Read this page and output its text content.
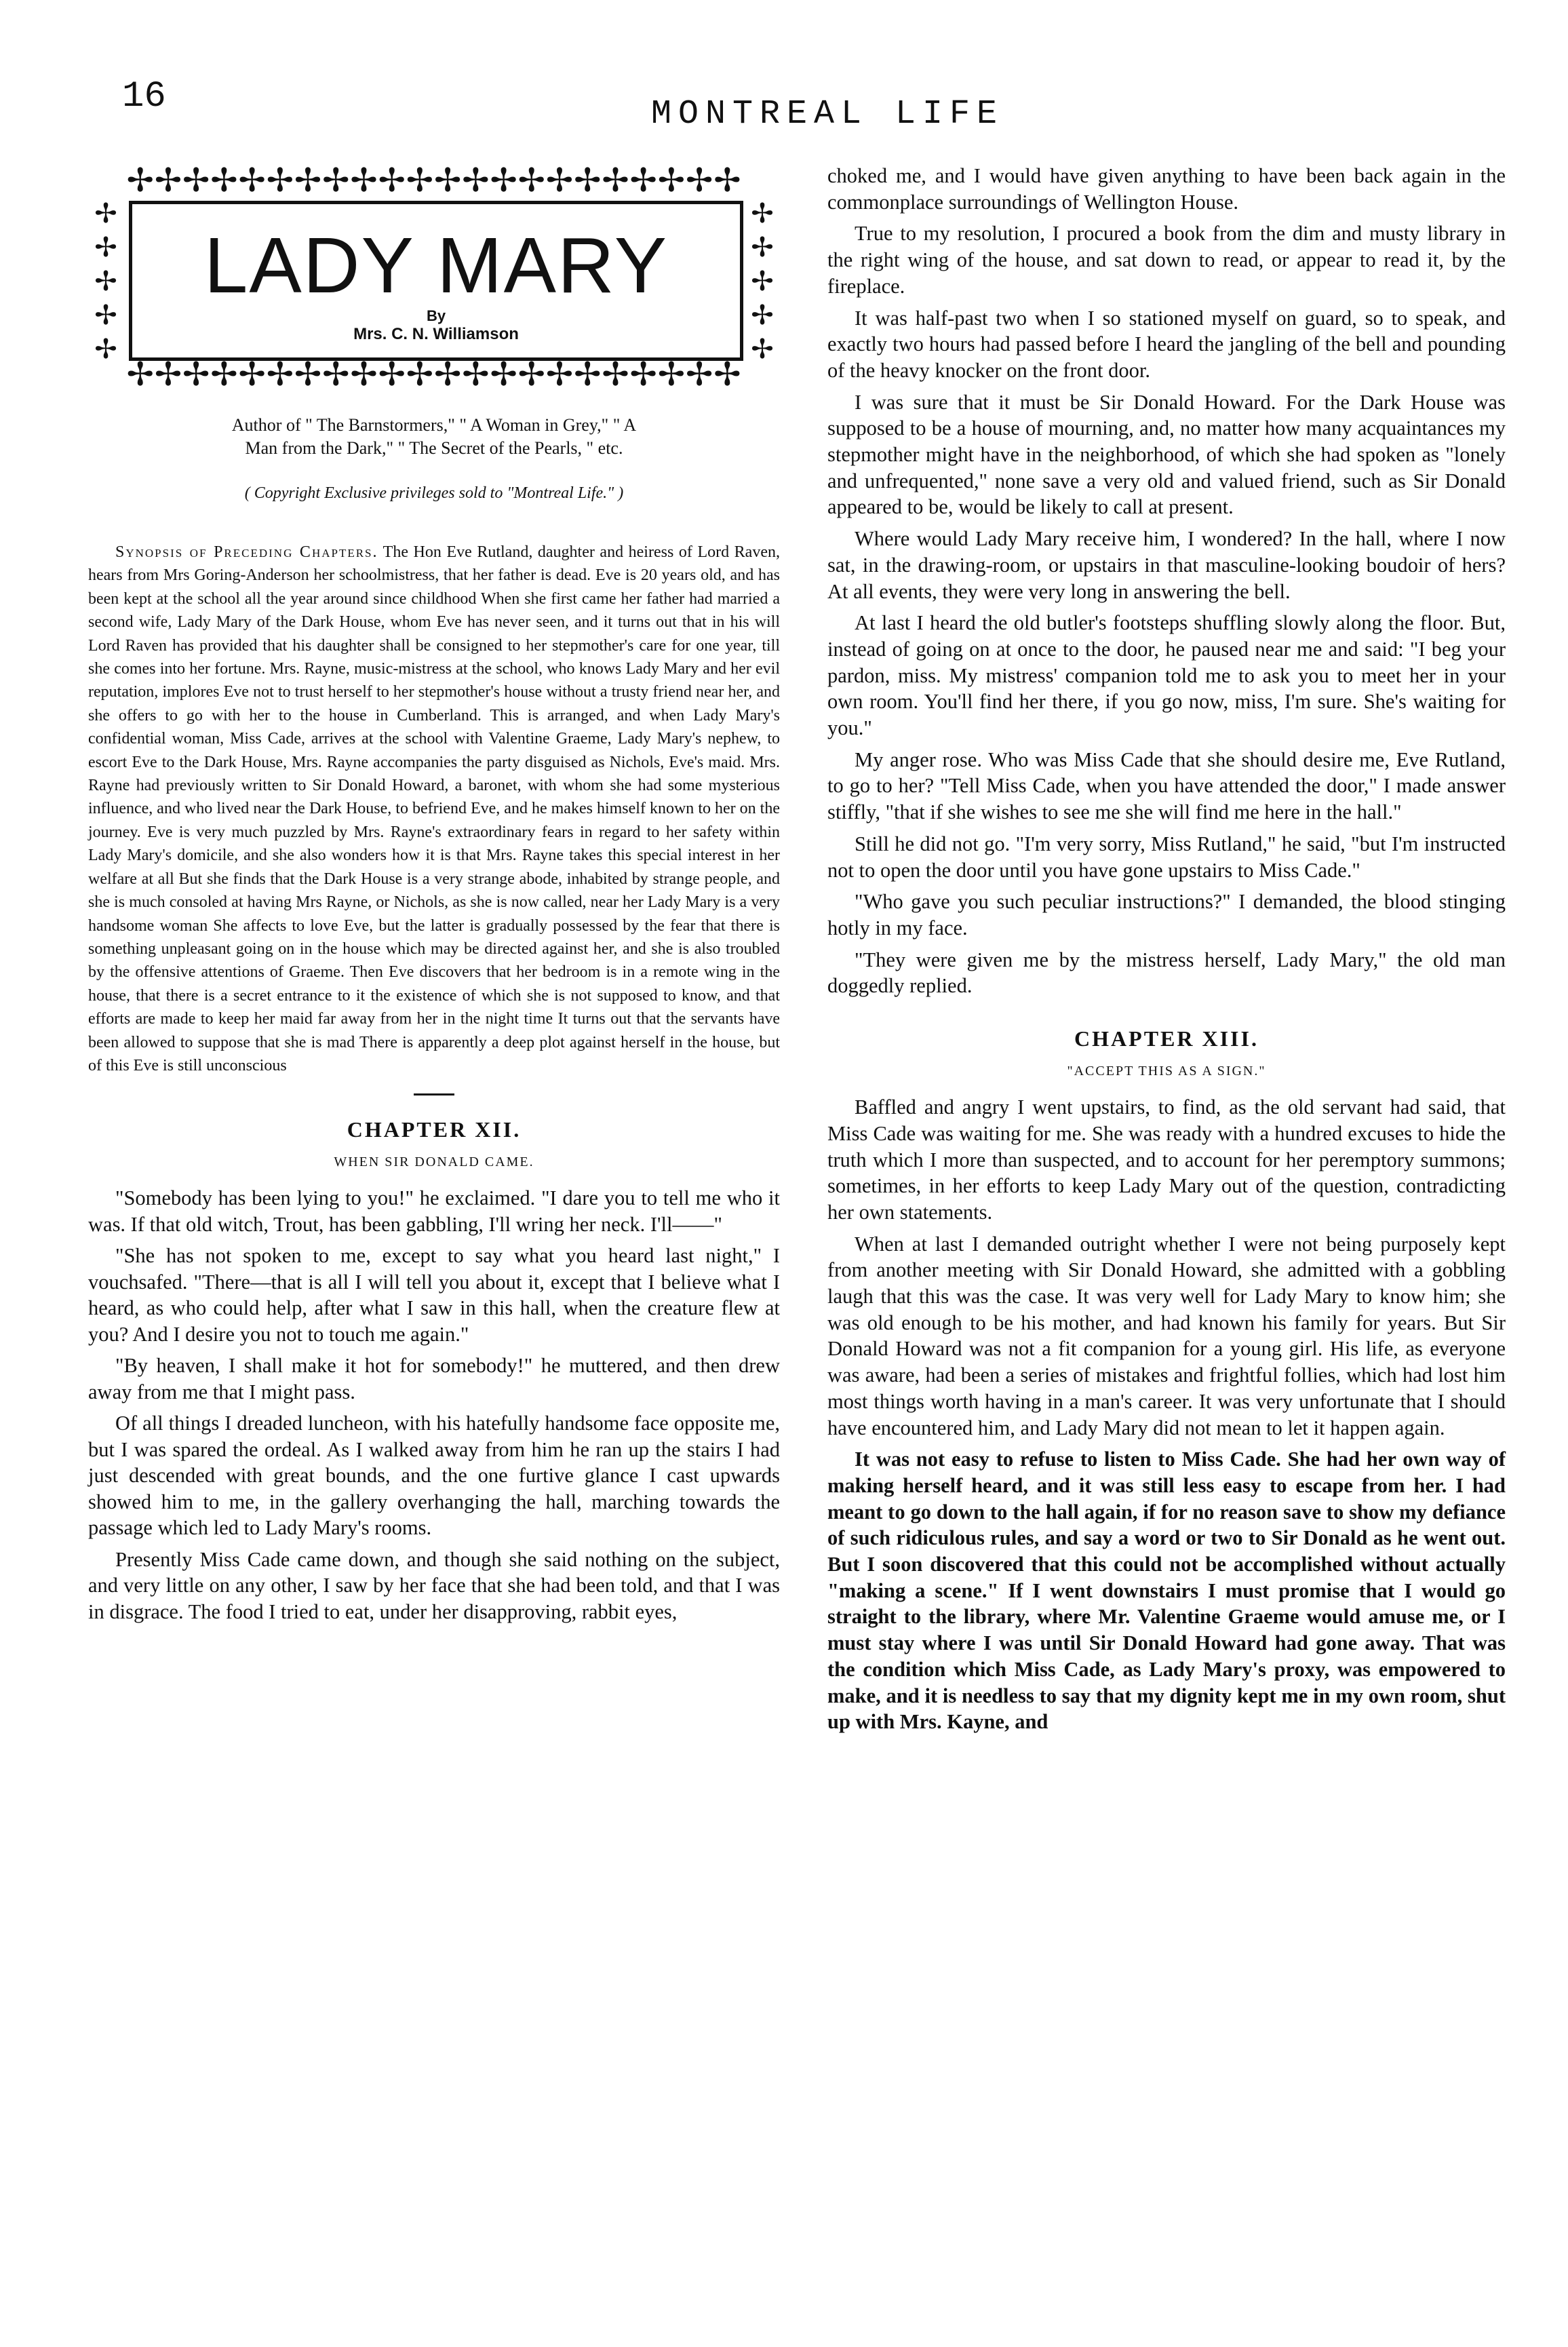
16	MONTREAL LIFE
✢✢✢✢✢✢✢✢✢✢✢✢✢✢✢✢✢✢✢✢✢✢
✢✢✢✢✢✢✢✢✢✢✢✢✢✢✢✢✢✢✢✢✢✢
✢
✢
✢
✢
✢
✢
✢
✢
✢
✢
LADY MARY
By
Mrs. C. N. Williamson
Author of " The Barnstormers," " A Woman in Grey," " A Man from the Dark," " The Secret of the Pearls, " etc.
( Copyright Exclusive privileges sold to "Montreal Life." )

Synopsis of Preceding Chapters. The Hon Eve Rutland, daughter and heiress of Lord Raven, hears from Mrs Goring-Anderson her schoolmistress, that her father is dead. Eve is 20 years old, and has been kept at the school all the year around since childhood When she first came her father had married a second wife, Lady Mary of the Dark House, whom Eve has never seen, and it turns out that in his will Lord Raven has provided that his daughter shall be consigned to her stepmother's care for one year, till she comes into her fortune. Mrs. Rayne, music-mistress at the school, who knows Lady Mary and her evil reputation, implores Eve not to trust herself to her stepmother's house without a trusty friend near her, and she offers to go with her to the house in Cumberland. This is arranged, and when Lady Mary's confidential woman, Miss Cade, arrives at the school with Valentine Graeme, Lady Mary's nephew, to escort Eve to the Dark House, Mrs. Rayne accompanies the party disguised as Nichols, Eve's maid. Mrs. Rayne had previously written to Sir Donald Howard, a baronet, with whom she had some mysterious influence, and who lived near the Dark House, to befriend Eve, and he makes himself known to her on the journey. Eve is very much puzzled by Mrs. Rayne's extraordinary fears in regard to her safety within Lady Mary's domicile, and she also wonders how it is that Mrs. Rayne takes this special interest in her welfare at all But she finds that the Dark House is a very strange abode, inhabited by strange people, and she is much consoled at having Mrs Rayne, or Nichols, as she is now called, near her Lady Mary is a very handsome woman She affects to love Eve, but the latter is gradually possessed by the fear that there is something unpleasant going on in the house which may be directed against her, and she is also troubled by the offensive attentions of Graeme. Then Eve discovers that her bedroom is in a remote wing in the house, that there is a secret entrance to it the existence of which she is not supposed to know, and that efforts are made to keep her maid far away from her in the night time It turns out that the servants have been allowed to suppose that she is mad There is apparently a deep plot against herself in the house, but of this Eve is still unconscious

CHAPTER XII.
WHEN SIR DONALD CAME.

"Somebody has been lying to you!" he exclaimed. "I dare you to tell me who it was. If that old witch, Trout, has been gabbling, I'll wring her neck. I'll——"

"She has not spoken to me, except to say what you heard last night," I vouchsafed. "There—that is all I will tell you about it, except that I believe what I heard, as who could help, after what I saw in this hall, when the creature flew at you? And I desire you not to touch me again."

"By heaven, I shall make it hot for somebody!" he muttered, and then drew away from me that I might pass.

Of all things I dreaded luncheon, with his hatefully handsome face opposite me, but I was spared the ordeal. As I walked away from him he ran up the stairs I had just descended with great bounds, and the one furtive glance I cast upwards showed him to me, in the gallery overhanging the hall, marching towards the passage which led to Lady Mary's rooms.

Presently Miss Cade came down, and though she said nothing on the subject, and very little on any other, I saw by her face that she had been told, and that I was in disgrace. The food I tried to eat, under her disapproving, rabbit eyes,

choked me, and I would have given anything to have been back again in the commonplace surroundings of Wellington House.

True to my resolution, I procured a book from the dim and musty library in the right wing of the house, and sat down to read, or appear to read it, by the fireplace.

It was half-past two when I so stationed myself on guard, so to speak, and exactly two hours had passed before I heard the jangling of the bell and pounding of the heavy knocker on the front door.

I was sure that it must be Sir Donald Howard. For the Dark House was supposed to be a house of mourning, and, no matter how many acquaintances my stepmother might have in the neighborhood, of which she had spoken as "lonely and unfrequented," none save a very old and valued friend, such as Sir Donald appeared to be, would be likely to call at present.

Where would Lady Mary receive him, I wondered? In the hall, where I now sat, in the drawing-room, or upstairs in that masculine-looking boudoir of hers? At all events, they were very long in answering the bell.

At last I heard the old butler's footsteps shuffling slowly along the floor. But, instead of going on at once to the door, he paused near me and said: "I beg your pardon, miss. My mistress' companion told me to ask you to meet her in your own room. You'll find her there, if you go now, miss, I'm sure. She's waiting for you."

My anger rose. Who was Miss Cade that she should desire me, Eve Rutland, to go to her? "Tell Miss Cade, when you have attended the door," I made answer stiffly, "that if she wishes to see me she will find me here in the hall."

Still he did not go. "I'm very sorry, Miss Rutland," he said, "but I'm instructed not to open the door until you have gone upstairs to Miss Cade."

"Who gave you such peculiar instructions?" I demanded, the blood stinging hotly in my face.

"They were given me by the mistress herself, Lady Mary," the old man doggedly replied.

CHAPTER XIII.
"ACCEPT THIS AS A SIGN."

Baffled and angry I went upstairs, to find, as the old servant had said, that Miss Cade was waiting for me. She was ready with a hundred excuses to hide the truth which I more than suspected, and to account for her peremptory summons; sometimes, in her efforts to keep Lady Mary out of the question, contradicting her own statements.

When at last I demanded outright whether I were not being purposely kept from another meeting with Sir Donald Howard, she admitted with a gobbling laugh that this was the case. It was very well for Lady Mary to know him; she was old enough to be his mother, and had known his family for years. But Sir Donald Howard was not a fit companion for a young girl. His life, as everyone was aware, had been a series of mistakes and frightful follies, which had lost him most things worth having in a man's career. It was very unfortunate that I should have encountered him, and Lady Mary did not mean to let it happen again.

It was not easy to refuse to listen to Miss Cade. She had her own way of making herself heard, and it was still less easy to escape from her. I had meant to go down to the hall again, if for no reason save to show my defiance of such ridiculous rules, and say a word or two to Sir Donald as he went out. But I soon discovered that this could not be accomplished without actually "making a scene." If I went downstairs I must promise that I would go straight to the library, where Mr. Valentine Graeme would amuse me, or I must stay where I was until Sir Donald Howard had gone away. That was the condition which Miss Cade, as Lady Mary's proxy, was empowered to make, and it is needless to say that my dignity kept me in my own room, shut up with Mrs. Kayne, and
